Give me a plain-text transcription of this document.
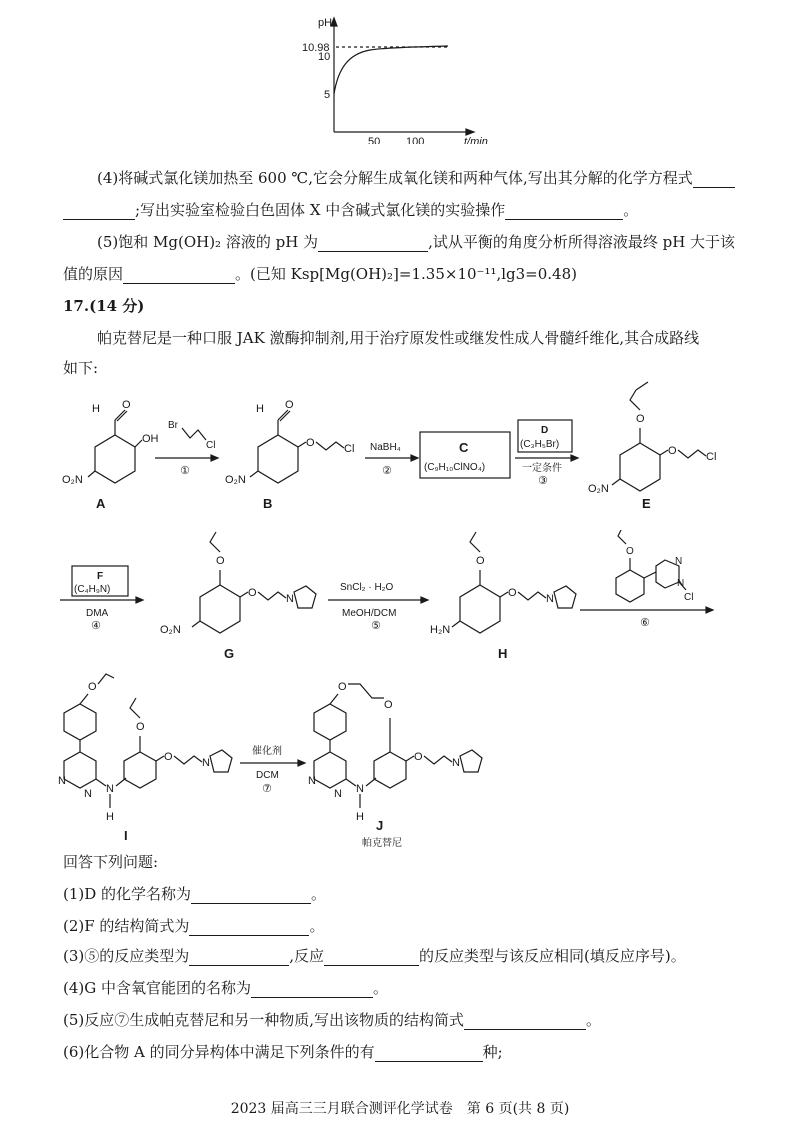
pH
10.98
10
5
50 100	t/min
(4)将碱式氯化镁加热至 600 ℃,它会分解生成氧化镁和两种气体,写出其分解的化学方程式
;写出实验室检验白色固体 X 中含碱式氯化镁的实验操作	。
(5)饱和 Mg(OH)₂ 溶液的 pH 为	,试从平衡的角度分析所得溶液最终 pH 大于该
值的原因	。(已知 Ksp[Mg(OH)₂]=1.35×10⁻¹¹,lg3=0.48)
17.(14 分)
帕克替尼是一种口服 JAK 激酶抑制剂,用于治疗原发性或继发性成人骨髓纤维化,其合成路线
如下:
H O
OH
O₂N
A
Br
Cl
①
H O
O	Cl
O₂N
B
NaBH₄
②
C
(C₉H₁₀ClNO₄)
D
(C₃H₅Br)
一定条件
③
O
O	Cl
O₂N
E
F
(C₄H₉N)
DMA
④
O
O	N
O₂N
G
SnCl₂ · H₂O
MeOH/DCM
⑤
O
O	N
H₂N
H
⑥
O
N
N
Cl
O
N
N N
H
O
O	N
I
催化剂
DCM
⑦
O
O
N
N N
H
O	N
J
帕克替尼
回答下列问题:
(1)D 的化学名称为	。
(2)F 的结构简式为	。
(3)⑤的反应类型为	,反应	的反应类型与该反应相同(填反应序号)。
(4)G 中含氧官能团的名称为	。
(5)反应⑦生成帕克替尼和另一种物质,写出该物质的结构简式	。
(6)化合物 A 的同分异构体中满足下列条件的有	种;
2023 届高三三月联合测评化学试卷　第 6 页(共 8 页)
